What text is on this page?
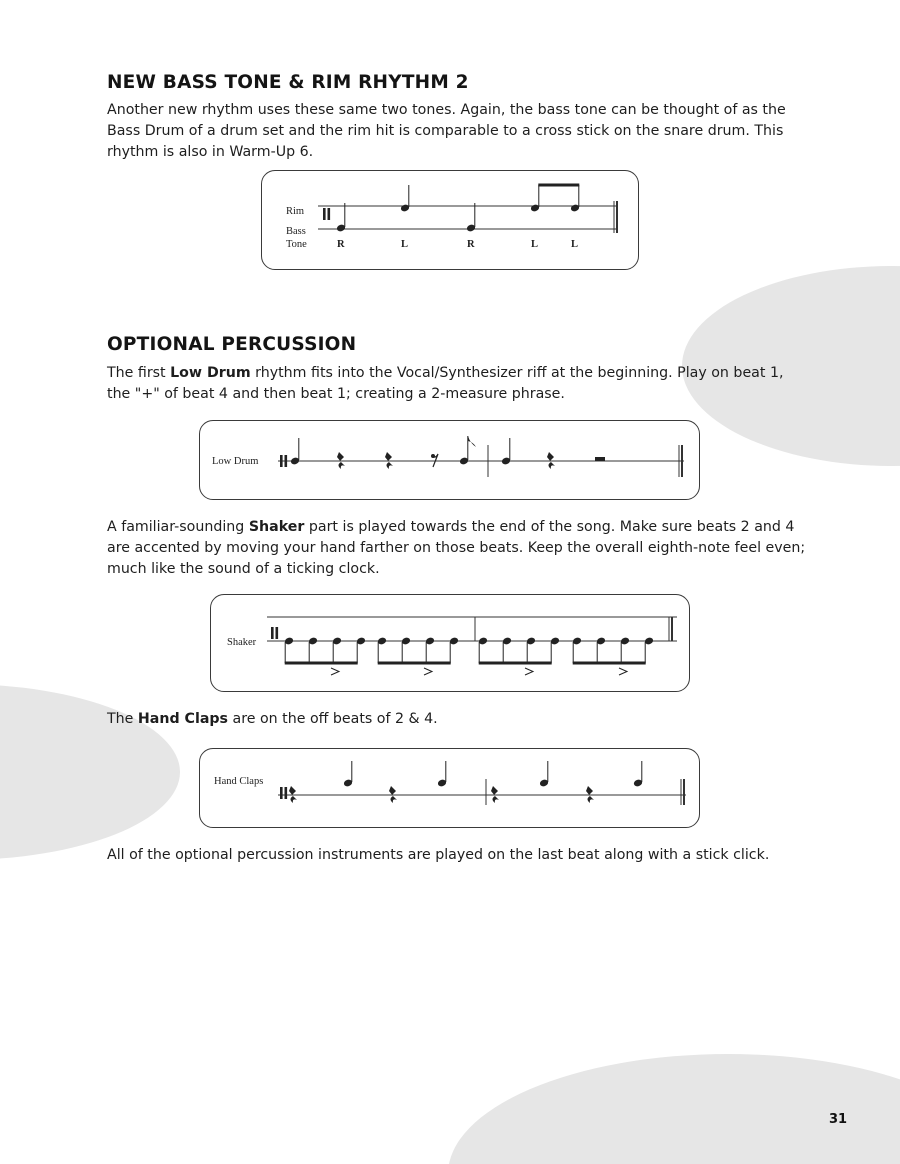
NEW BASS TONE & RIM RHYTHM 2
Another new rhythm uses these same two tones. Again, the bass tone can be thought of as the Bass Drum of a drum set and the rim hit is comparable to a cross stick on the snare drum. This rhythm is also in Warm-Up 6.
Rim
Bass
Tone	R	L	R	L	L
OPTIONAL PERCUSSION
The first Low Drum rhythm fits into the Vocal/Synthesizer riff at the beginning. Play on beat 1, the "+" of beat 4 and then beat 1; creating a 2-measure phrase.
Low Drum
A familiar-sounding Shaker part is played towards the end of the song. Make sure beats 2 and 4 are accented by moving your hand farther on those beats. Keep the overall eighth-note feel even; much like the sound of a ticking clock.
Shaker
The Hand Claps are on the off beats of 2 & 4.
Hand Claps
All of the optional percussion instruments are played on the last beat along with a stick click.
31
